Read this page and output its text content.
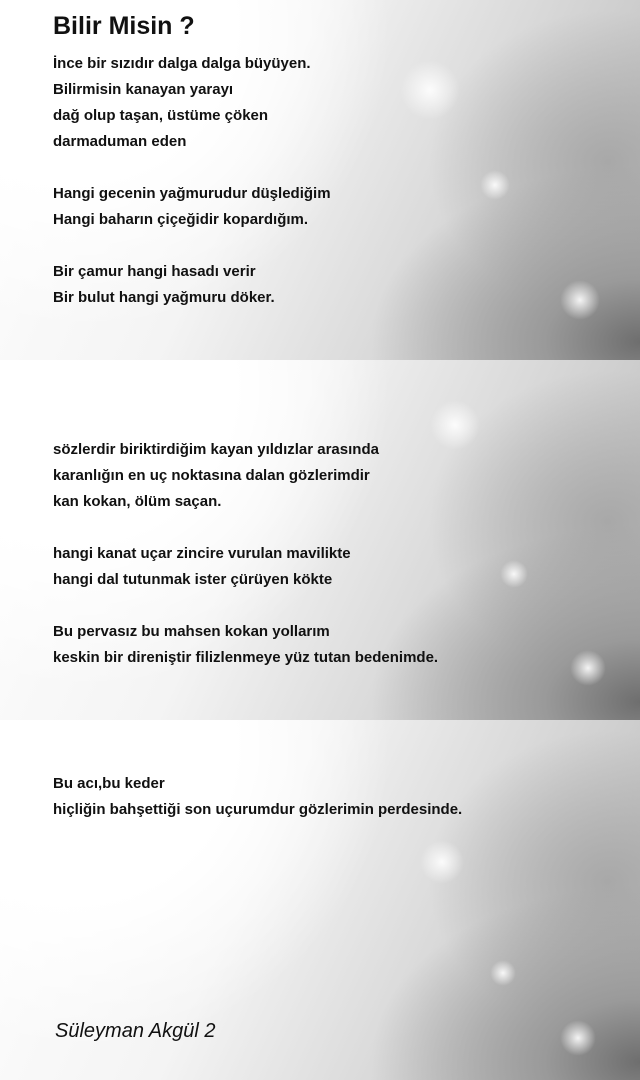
Bilir Misin ?
İnce bir sızıdır dalga dalga büyüyen.
Bilirmisin kanayan yarayı
dağ olup taşan, üstüme çöken
darmaduman eden
Hangi gecenin yağmurudur düşlediğim
Hangi baharın çiçeğidir kopardığım.
Bir çamur hangi hasadı verir
Bir bulut hangi yağmuru döker.
sözlerdir biriktirdiğim kayan yıldızlar arasında
karanlığın en uç noktasına dalan gözlerimdir
kan kokan, ölüm saçan.
hangi kanat uçar zincire vurulan mavilikte
hangi dal tutunmak ister çürüyen kökte
Bu pervasız bu mahsen kokan yollarım
keskin bir direniştir filizlenmeye yüz tutan bedenimde.
Bu acı,bu keder
hiçliğin bahşettiği son uçurumdur gözlerimin perdesinde.
Süleyman Akgül 2
